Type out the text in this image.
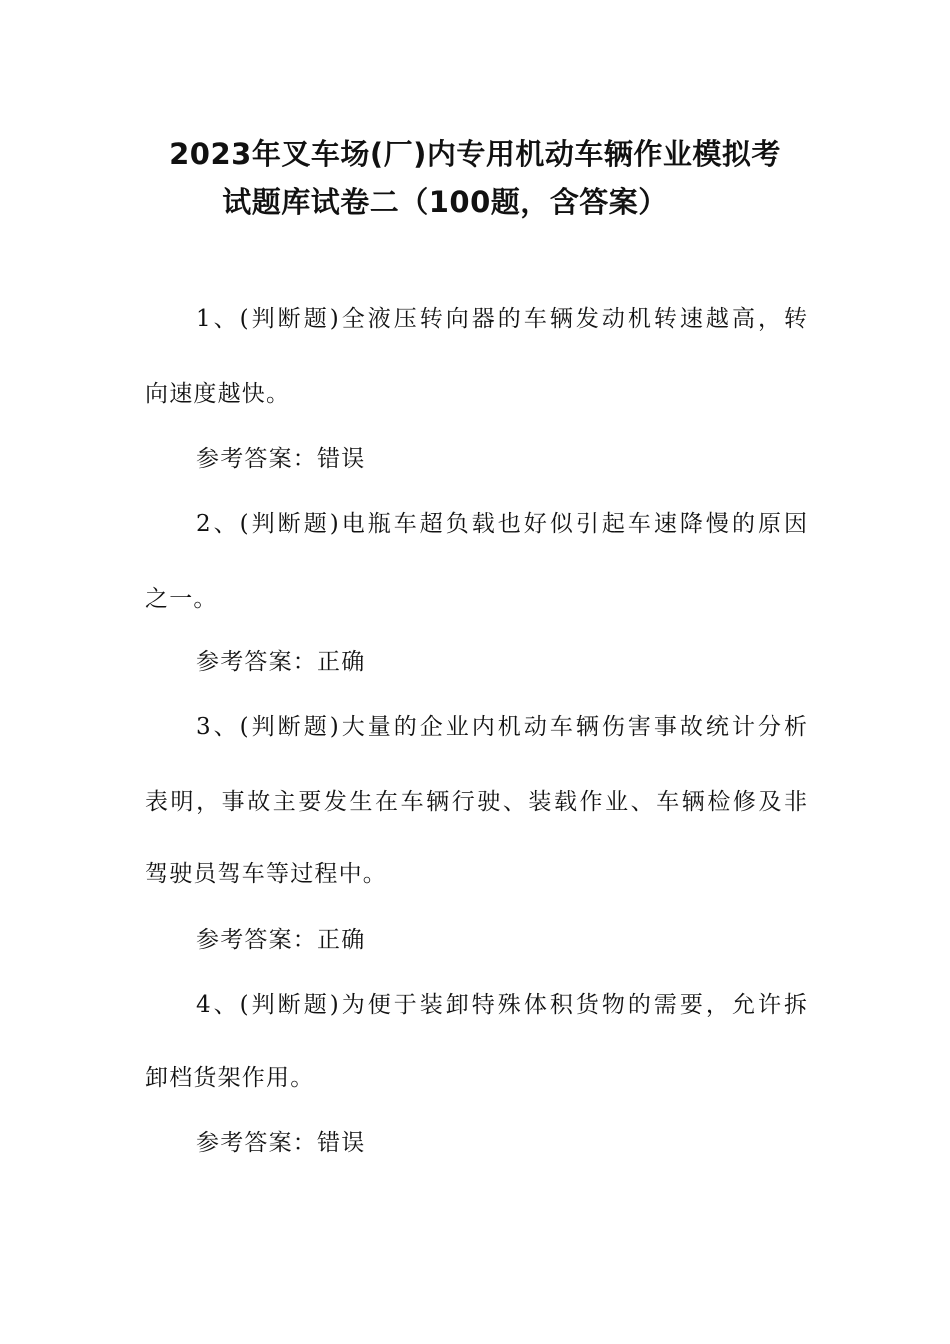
2023年叉车场(厂)内专用机动车辆作业模拟考
试题库试卷二（100题，含答案）
1、(判断题)全液压转向器的车辆发动机转速越高，转
向速度越快。
参考答案：错误
2、(判断题)电瓶车超负载也好似引起车速降慢的原因
之一。
参考答案：正确
3、(判断题)大量的企业内机动车辆伤害事故统计分析
表明，事故主要发生在车辆行驶、装载作业、车辆检修及非
驾驶员驾车等过程中。
参考答案：正确
4、(判断题)为便于装卸特殊体积货物的需要，允许拆
卸档货架作用。
参考答案：错误
